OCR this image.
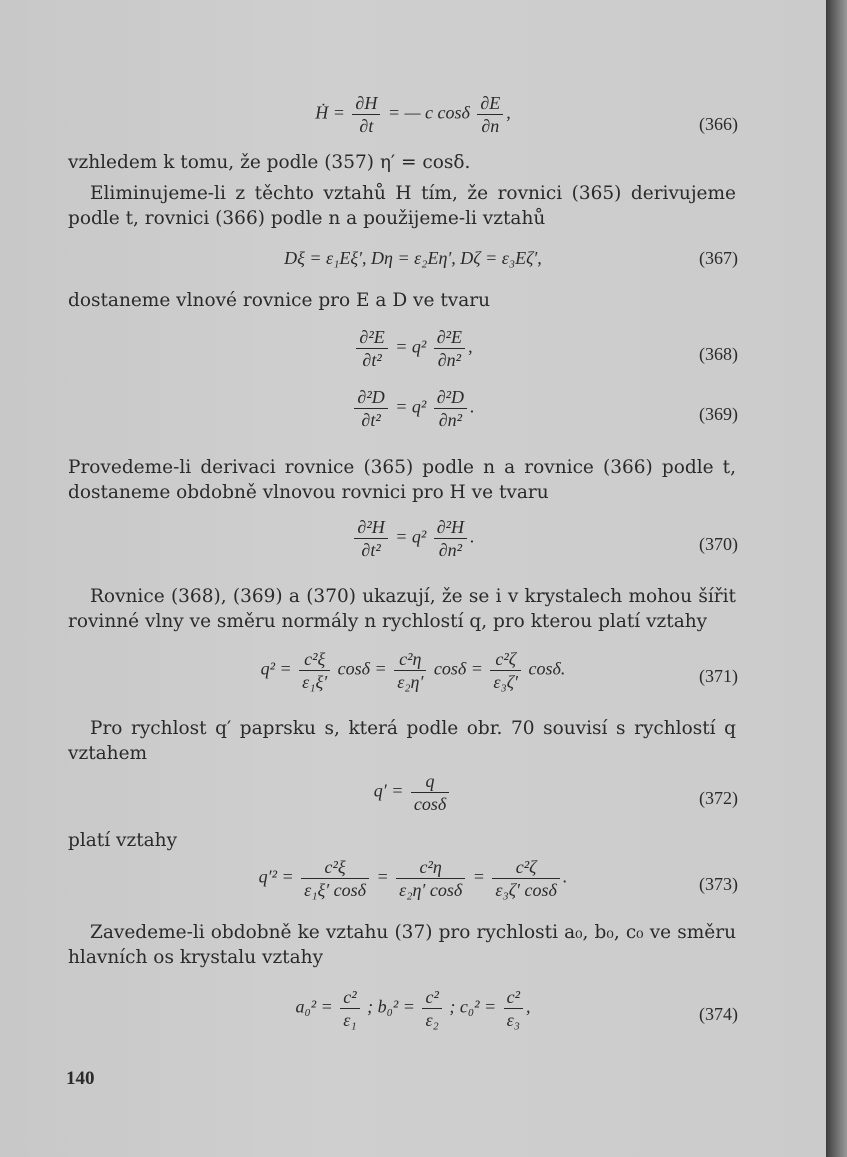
Ḣ = $\frac{\partial H}{\partial t}$ = — c cosδ $\frac{\partial E}{\partial n}$ ,
(366)

vzhledem k tomu, že podle (357) η′ = cosδ.

Eliminujeme-li z těchto vztahů H tím, že rovnici (365) derivujeme podle t, rovnici (366) podle n a použijeme-li vztahů

Dξ = ε₁Eξ′, Dη = ε₂Eη′, Dζ = ε₃Eζ′,	(367)

dostaneme vlnové rovnice pro E a D ve tvaru

$\frac{\text{∂²E}}{\text{∂t²}} = q^2 \frac{\text{∂²E}}{\text{∂n²}}$ ,	(368)
$\frac{\text{∂²D}}{\text{∂t²}} = q^2 \frac{\text{∂²D}}{\text{∂n²}}$ .	(369)

Provedeme-li derivaci rovnice (365) podle n a rovnice (366) podle t, dostaneme obdobně vlnovou rovnici pro H ve tvaru

$\frac{\text{∂²H}}{\text{∂t²}} = q^2 \frac{\text{∂²H}}{\text{∂n²}}$ .	(370)

Rovnice (368), (369) a (370) ukazují, že se i v krystalech mohou šířit rovinné vlny ve směru normály n rychlostí q, pro kterou platí vztahy

$q^2 = \frac{\text{c²ξ}}{\text{ε₁ξ′}}$ $\cos\delta = \frac{\text{c²η}}{\text{ε₂η′}}$ $\cos\delta = \frac{\text{c²ζ}}{\text{ε₃ζ′}} \cos\delta$.	(371)

Pro rychlost q′ paprsku s, která podle obr. 70 souvisí s rychlostí q vztahem

$q' = \frac{q}{\cos\delta}$	(372)

platí vztahy

$q'^2 = \frac{\text{c²ξ}}{\text{ε₁ξ′ cosδ}} = \frac{\text{c²η}}{\text{ε₂η′ cosδ}} = \frac{\text{c²ζ}}{\text{ε₃ζ′ cosδ}}$ .	(373)

Zavedeme-li obdobně ke vztahu (37) pro rychlosti a₀, b₀, c₀ ve směru hlavních os krystalu vztahy

$a_0^2 = \frac{\text{c²}}{\text{ε₁}}$ ; $b_0^2 = \frac{\text{c²}}{\text{ε₂}}$ ; $c_0^2 = \frac{\text{c²}}{\text{ε₃}}$ ,	(374)
140
